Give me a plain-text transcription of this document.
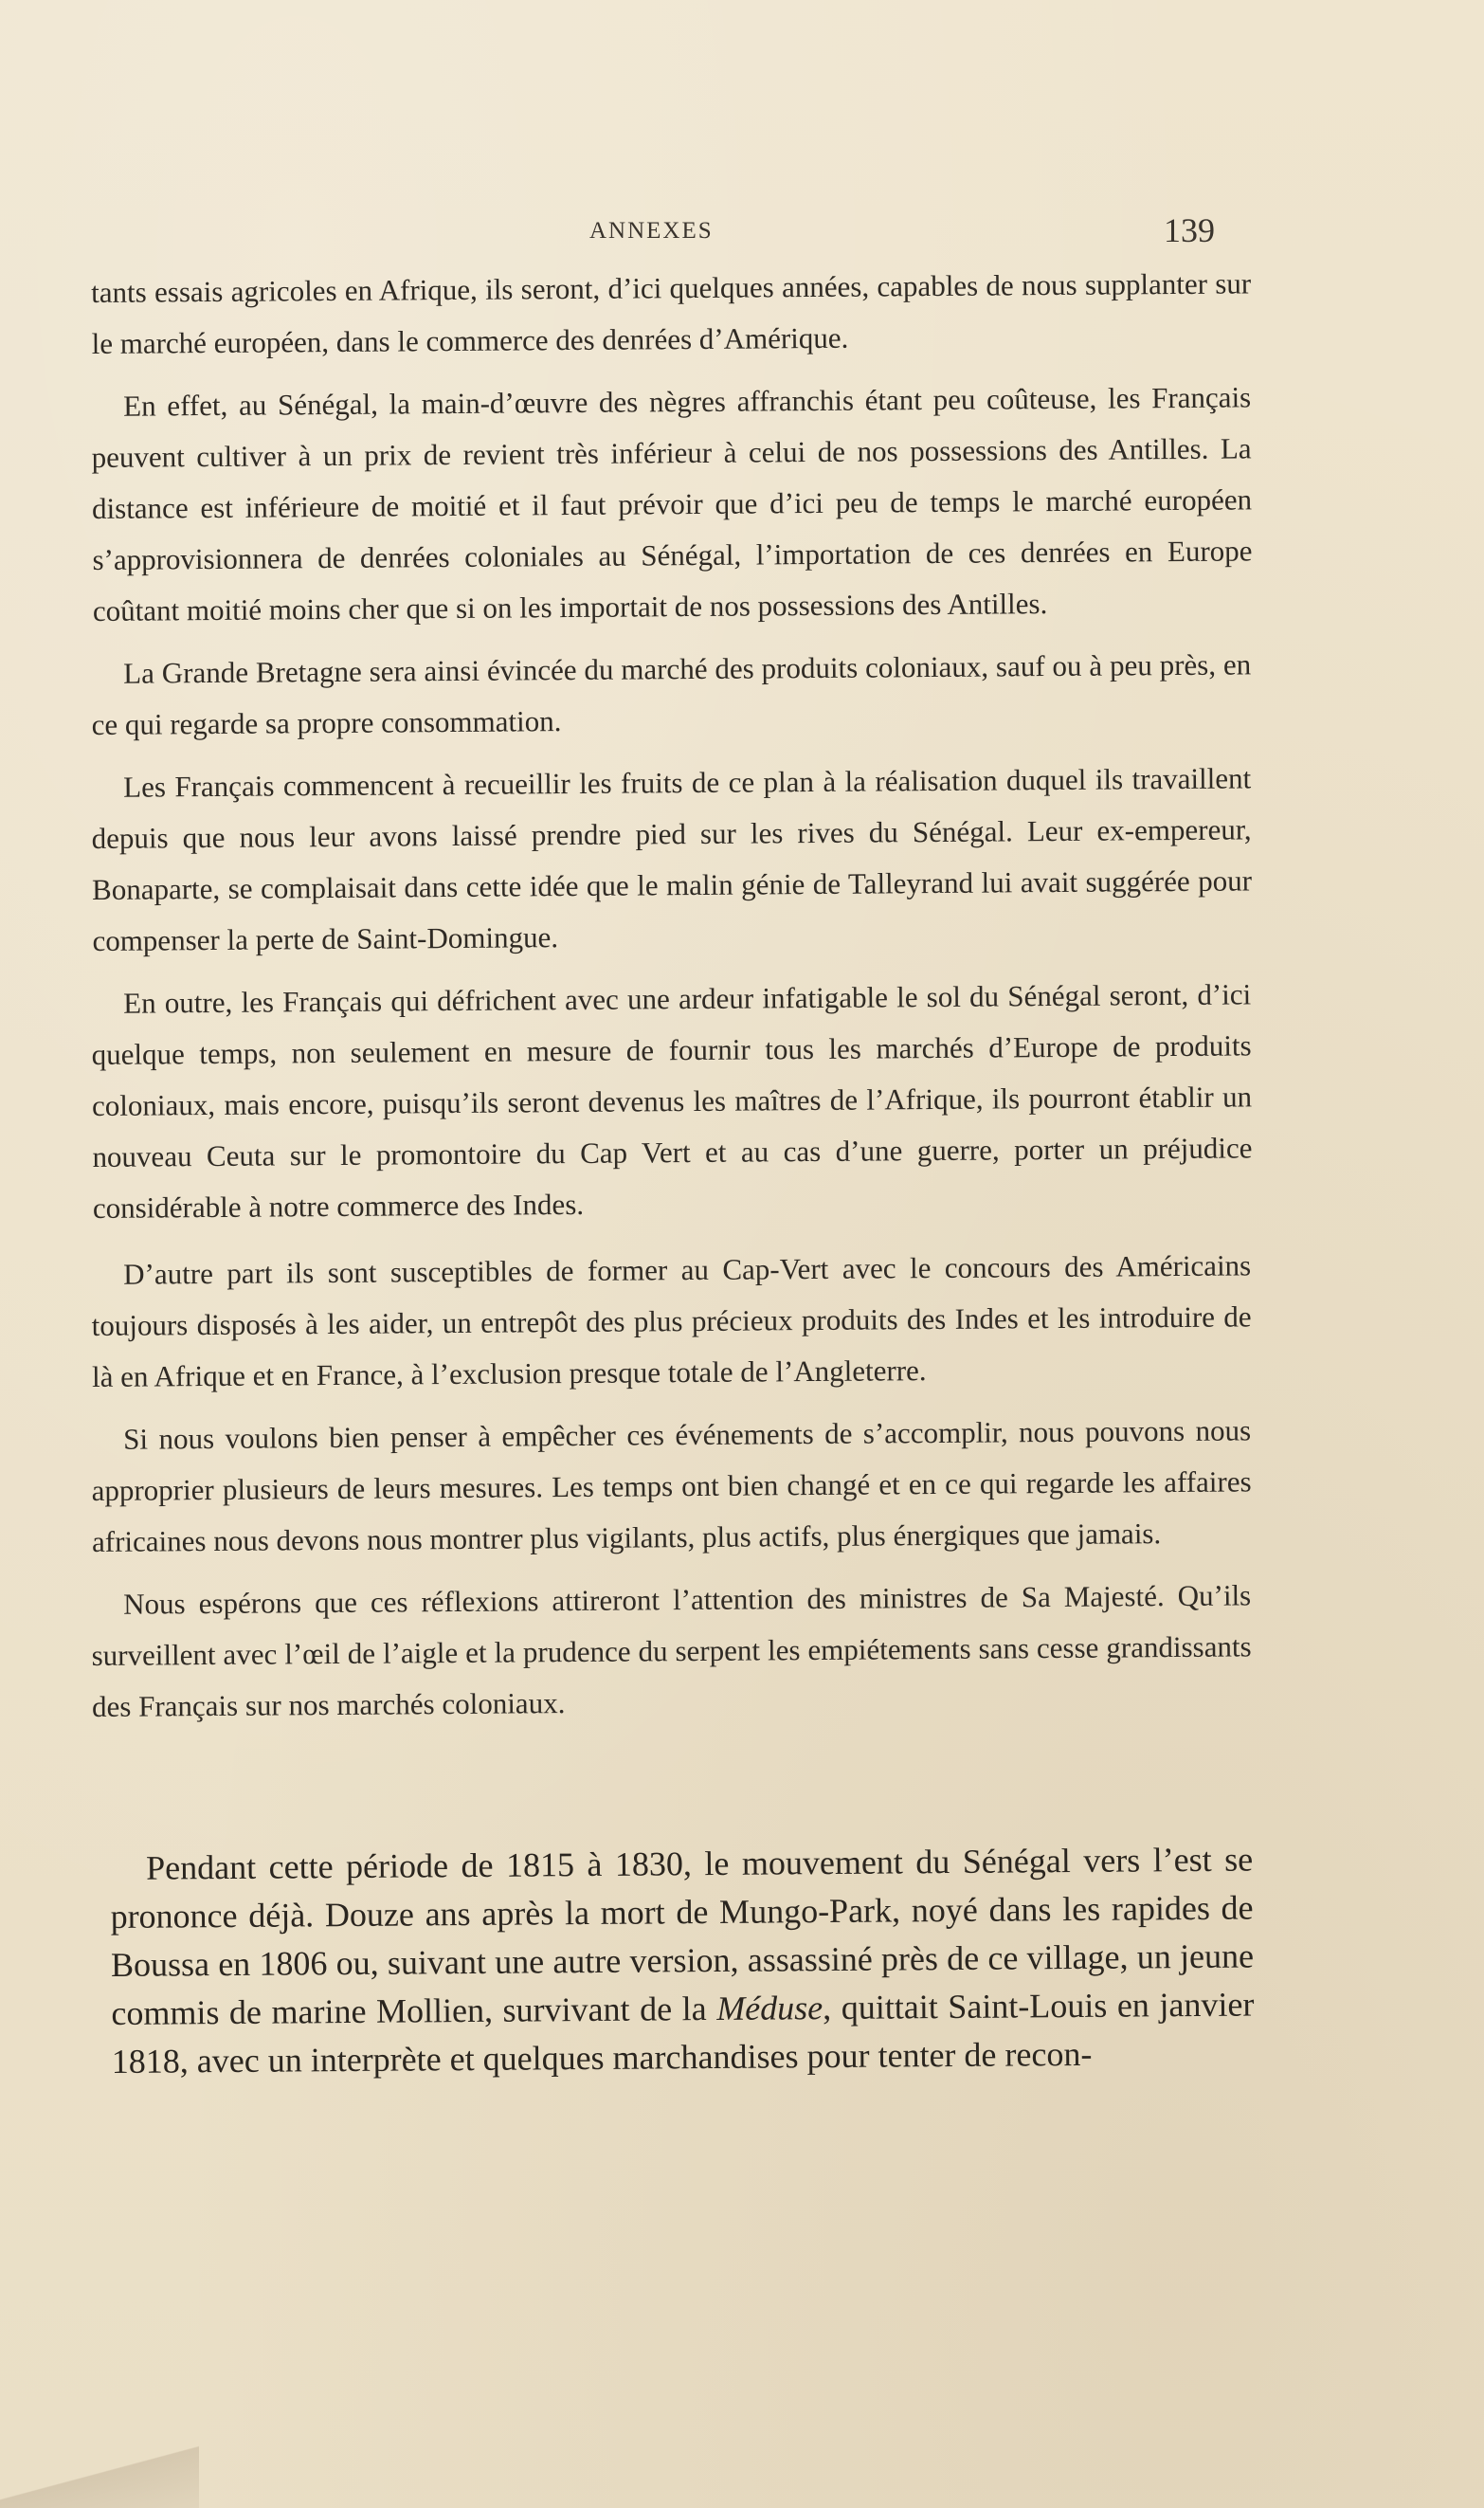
ANNEXES	139

tants essais agricoles en Afrique, ils seront, d’ici quelques années, capables de nous supplanter sur le marché européen, dans le commerce des denrées d’Amérique.

En effet, au Sénégal, la main-d’œuvre des nègres affranchis étant peu coûteuse, les Français peuvent cultiver à un prix de revient très inférieur à celui de nos possessions des Antilles. La distance est inférieure de moitié et il faut prévoir que d’ici peu de temps le marché européen s’approvisionnera de denrées coloniales au Sénégal, l’importation de ces denrées en Europe coûtant moitié moins cher que si on les importait de nos possessions des Antilles.

La Grande Bretagne sera ainsi évincée du marché des produits coloniaux, sauf ou à peu près, en ce qui regarde sa propre consommation.

Les Français commencent à recueillir les fruits de ce plan à la réalisation duquel ils travaillent depuis que nous leur avons laissé prendre pied sur les rives du Sénégal. Leur ex-empereur, Bonaparte, se complaisait dans cette idée que le malin génie de Talleyrand lui avait suggérée pour compenser la perte de Saint-Domingue.

En outre, les Français qui défrichent avec une ardeur infatigable le sol du Sénégal seront, d’ici quelque temps, non seulement en mesure de fournir tous les marchés d’Europe de produits coloniaux, mais encore, puisqu’ils seront devenus les maîtres de l’Afrique, ils pourront établir un nouveau Ceuta sur le promontoire du Cap Vert et au cas d’une guerre, porter un préjudice considérable à notre commerce des Indes.

D’autre part ils sont susceptibles de former au Cap-Vert avec le concours des Américains toujours disposés à les aider, un entrepôt des plus précieux produits des Indes et les introduire de là en Afrique et en France, à l’exclusion presque totale de l’Angleterre.

Si nous voulons bien penser à empêcher ces événements de s’accomplir, nous pouvons nous approprier plusieurs de leurs mesures. Les temps ont bien changé et en ce qui regarde les affaires africaines nous devons nous montrer plus vigilants, plus actifs, plus énergiques que jamais.

Nous espérons que ces réflexions attireront l’attention des ministres de Sa Majesté. Qu’ils surveillent avec l’œil de l’aigle et la prudence du serpent les empiétements sans cesse grandissants des Français sur nos marchés coloniaux.

Pendant cette période de 1815 à 1830, le mouvement du Sénégal vers l’est se prononce déjà. Douze ans après la mort de Mungo-Park, noyé dans les rapides de Boussa en 1806 ou, suivant une autre version, assassiné près de ce village, un jeune commis de marine Mollien, survivant de la Méduse, quittait Saint-Louis en janvier 1818, avec un interprète et quelques marchandises pour tenter de recon-
